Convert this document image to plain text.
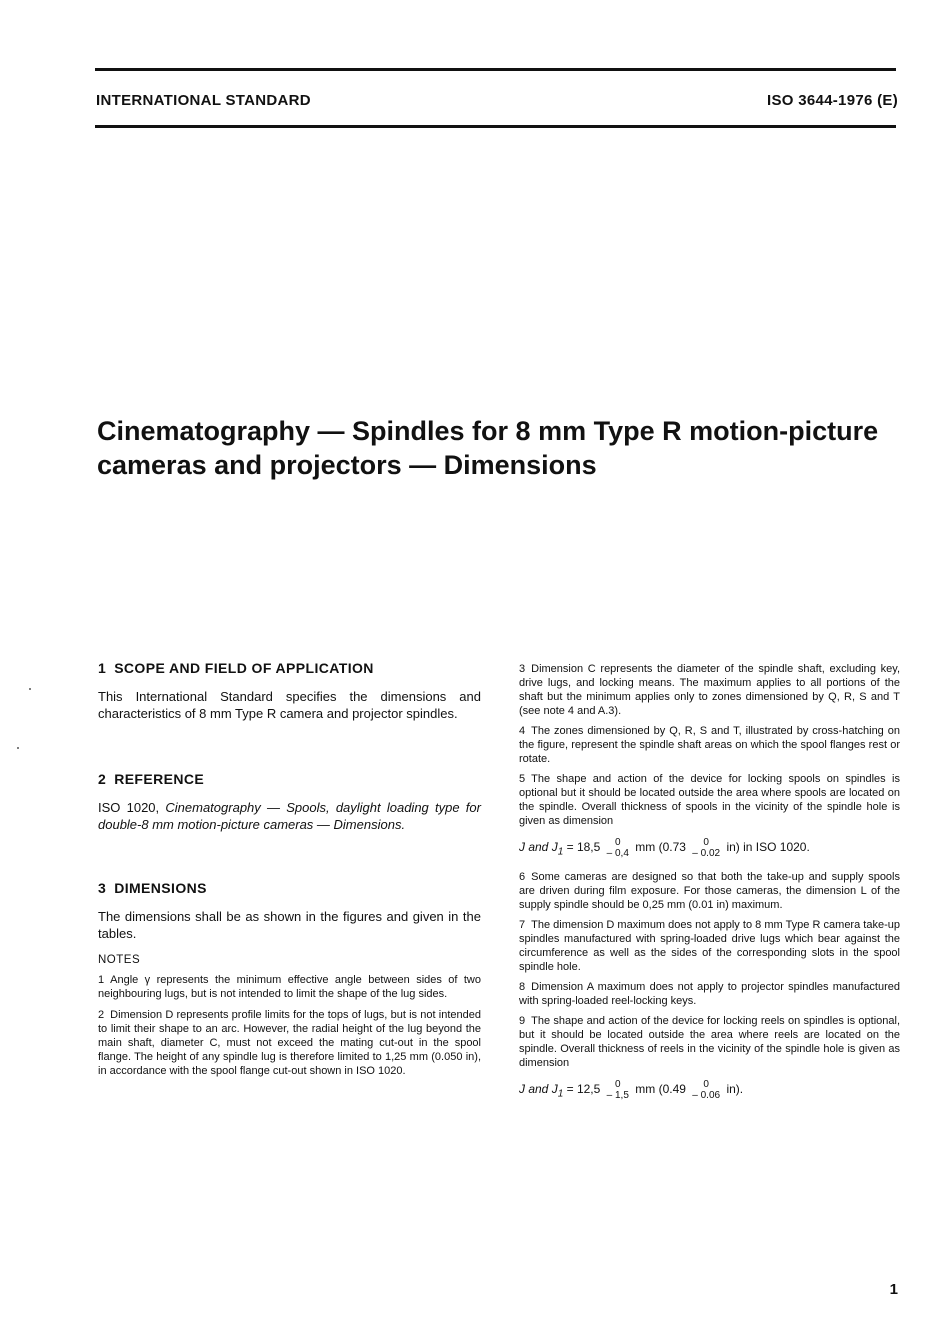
INTERNATIONAL STANDARD	ISO 3644-1976 (E)
Cinematography — Spindles for 8 mm Type R motion-picture
cameras and projectors — Dimensions
1 SCOPE AND FIELD OF APPLICATION

This International Standard specifies the dimensions and characteristics of 8 mm Type R camera and projector spindles.

2 REFERENCE

ISO 1020, Cinematography — Spools, daylight loading type for double-8 mm motion-picture cameras — Dimensions.

3 DIMENSIONS

The dimensions shall be as shown in the figures and given in the tables.

NOTES

1 Angle γ represents the minimum effective angle between sides of two neighbouring lugs, but is not intended to limit the shape of the lug sides.

2 Dimension D represents profile limits for the tops of lugs, but is not intended to limit their shape to an arc. However, the radial height of the lug beyond the main shaft, diameter C, must not exceed the mating cut-out in the spool flange. The height of any spindle lug is therefore limited to 1,25 mm (0.050 in), in accordance with the spool flange cut-out shown in ISO 1020.

3 Dimension C represents the diameter of the spindle shaft, excluding key, drive lugs, and locking means. The maximum applies to all portions of the shaft but the minimum applies only to zones dimensioned by Q, R, S and T (see note 4 and A.3).

4 The zones dimensioned by Q, R, S and T, illustrated by cross-hatching on the figure, represent the spindle shaft areas on which the spool flanges rest or rotate.

5 The shape and action of the device for locking spools on spindles is optional but it should be located outside the area where spools are located on the spindle. Overall thickness of spools in the vicinity of the spindle hole is given as dimension

J and $J_1 = 18,5$	0
– 0,4 mm (0.73	0
– 0.02 in) in ISO 1020.

6 Some cameras are designed so that both the take-up and supply spools are driven during film exposure. For those cameras, the dimension L of the supply spindle should be 0,25 mm (0.01 in) maximum.

7 The dimension D maximum does not apply to 8 mm Type R camera take-up spindles manufactured with spring-loaded drive lugs which bear against the circumference as well as the sides of the corresponding slots in the spool spindle hole.

8 Dimension A maximum does not apply to projector spindles manufactured with spring-loaded reel-locking keys.

9 The shape and action of the device for locking reels on spindles is optional, but it should be located outside the area where reels are located on the spindle. Overall thickness of reels in the vicinity of the spindle hole is given as dimension

J and $J_1 = 12,5$	0
– 1,5 mm (0.49	0
– 0.06 in).

1
